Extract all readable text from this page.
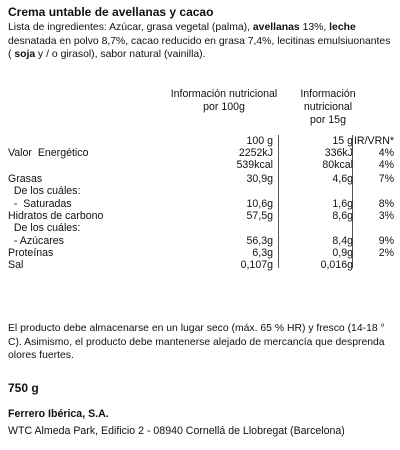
Crema untable de avellanas y cacao
Lista de ingredientes: Azúcar, grasa vegetal (palma), avellanas 13%, leche desnatada en polvo 8,7%, cacao reducido en grasa 7,4%, lecitinas emulsiuonantes ( soja y / o girasol), sabor natural (vainilla).
Información nutricional
por 100g
Información nutricional
por 15g
100 g	15 g IR/VRN*
Valor  Energético	2252kJ	336kJ 4%
539kcal	80kcal 4%
Grasas	30,9g	4,6g 7%
De los cuáles:
-  Saturadas	10,6g	1,6g 8%
Hidratos de carbono	57,5g	8,6g 3%
De los cuáles:
- Azúcares	56,3g	8,4g 9%
Proteínas	6,3g	0,9g 2%
Sal	0,107g	0,016g
El producto debe almacenarse en un lugar seco (máx. 65 % HR) y fresco (14-18 ° C). Asimismo, el producto debe mantenerse alejado de mercancía que desprenda olores fuertes.
750 g
Ferrero Ibérica, S.A.
WTC Almeda Park, Edificio 2 - 08940 Cornellá de Llobregat (Barcelona)
